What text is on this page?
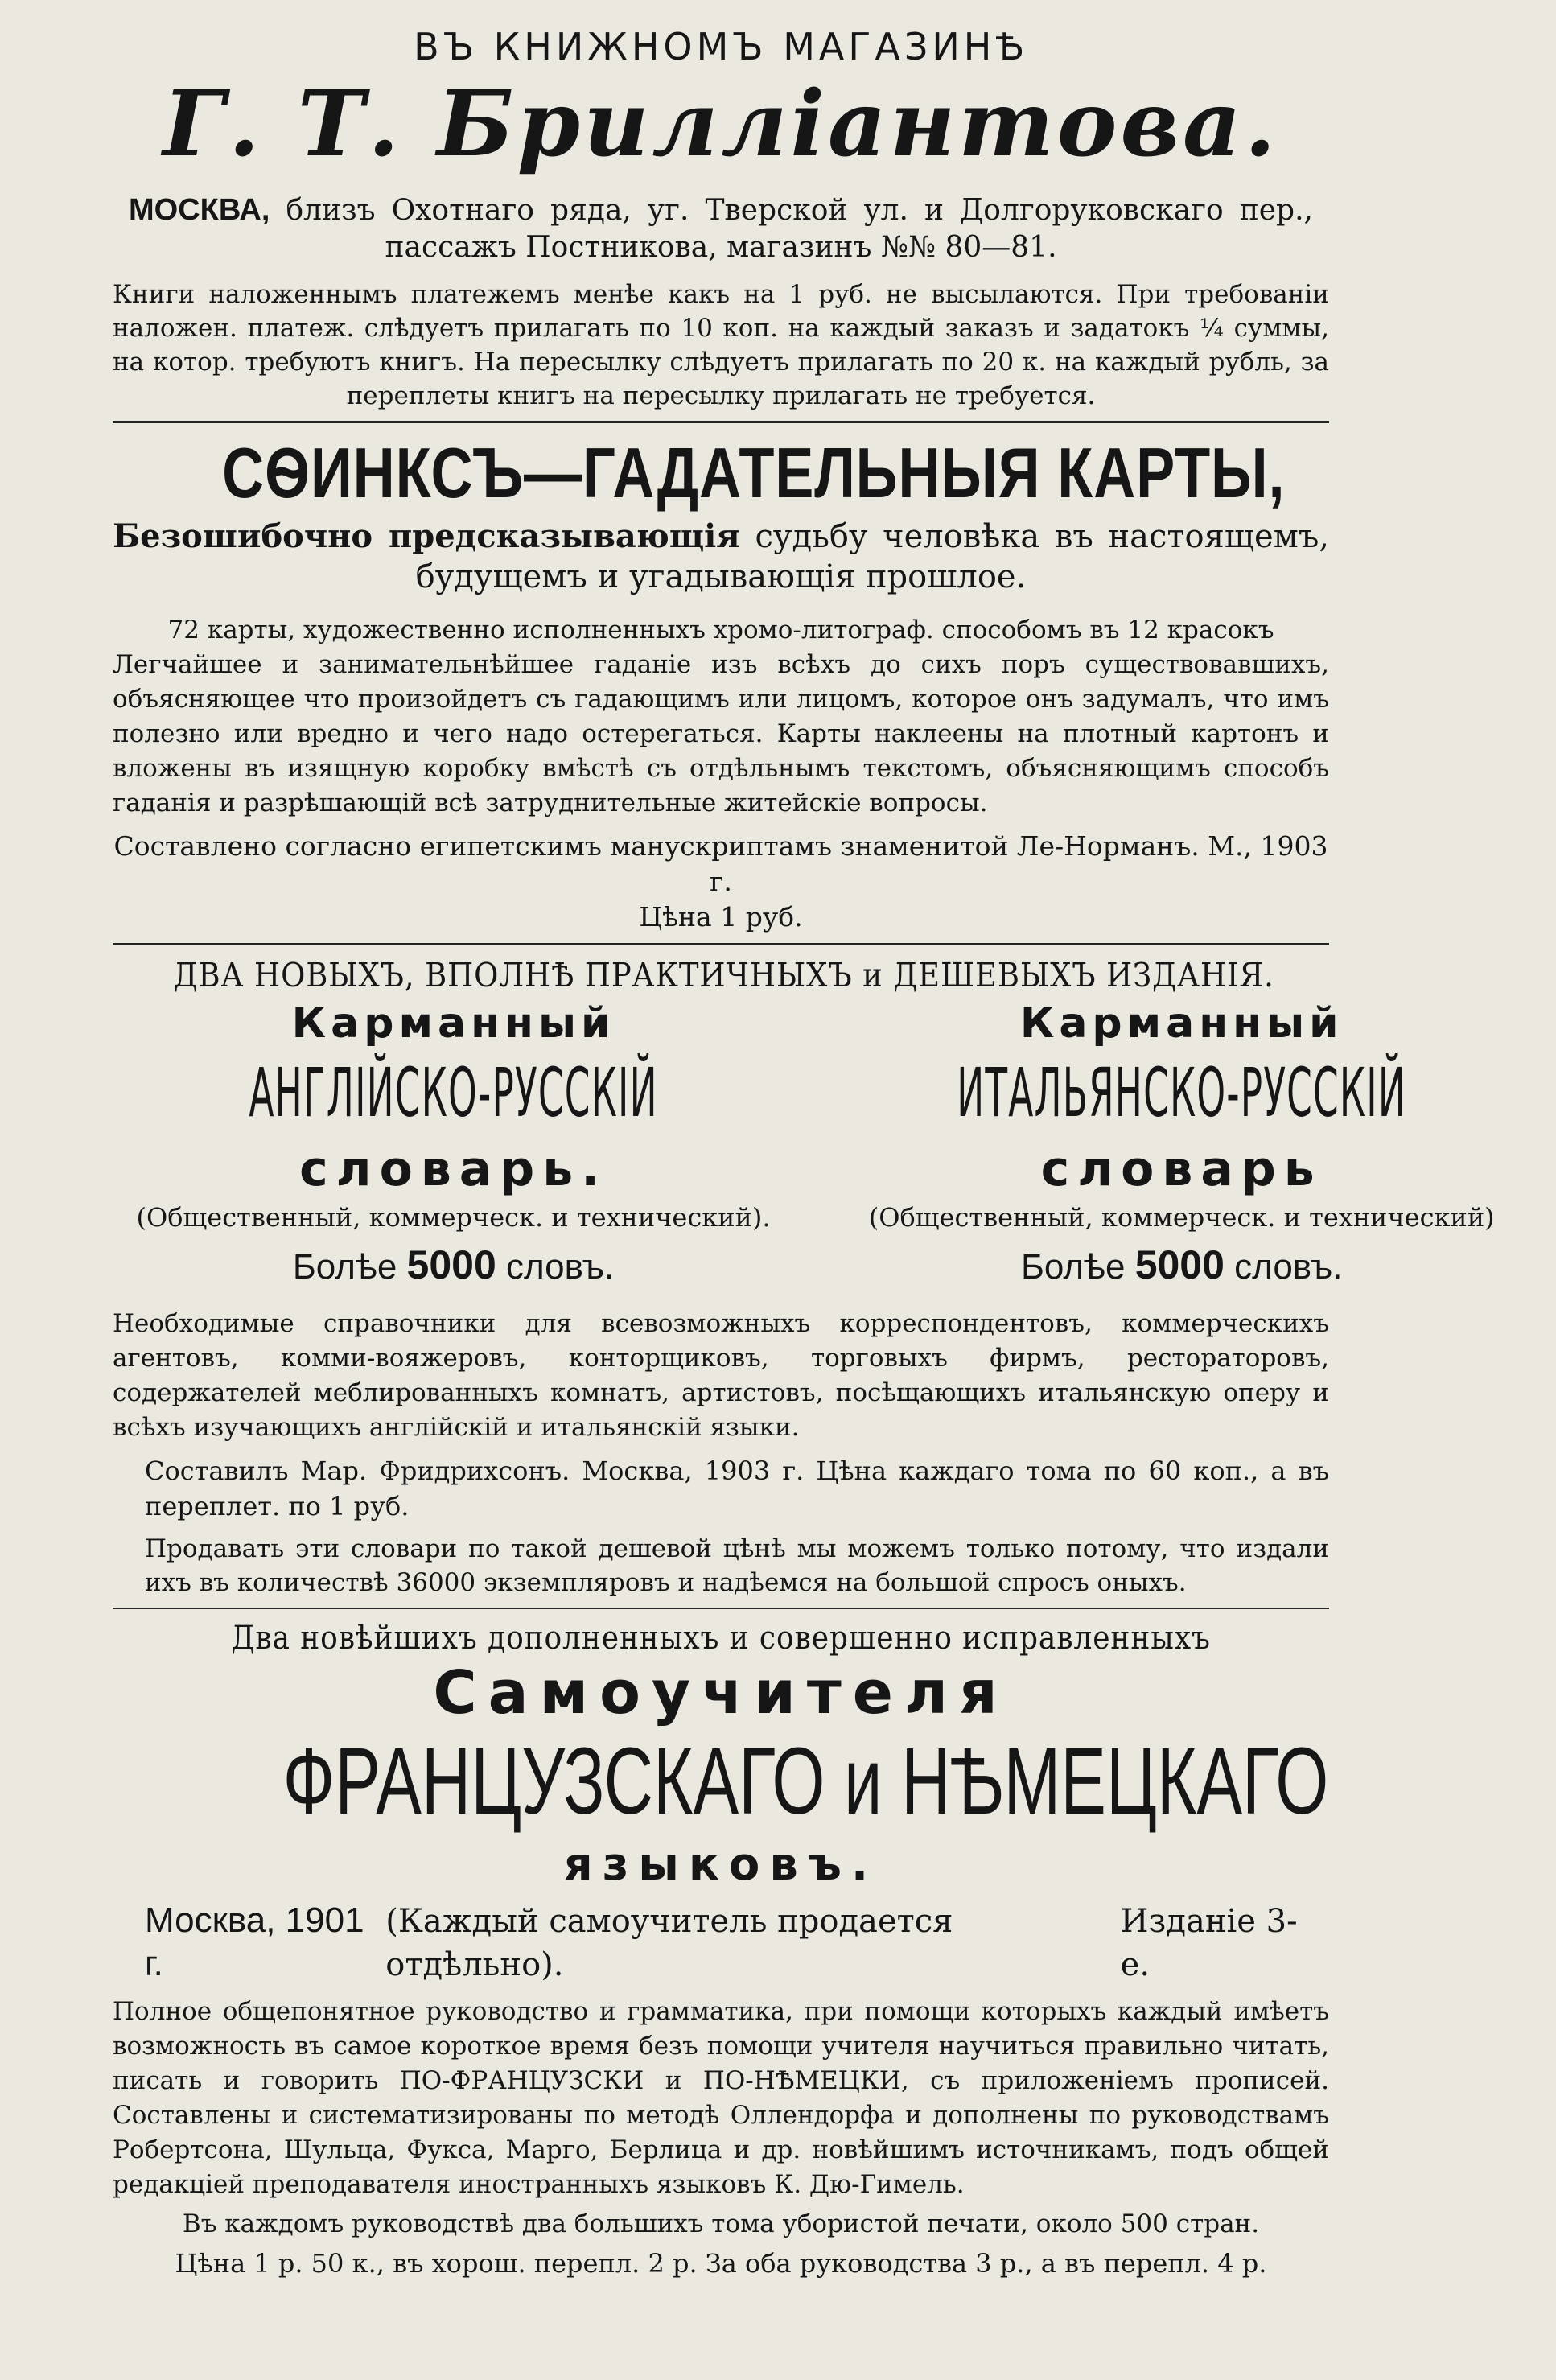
ВЪ КНИЖНОМЪ МАГАЗИНѢ

Г. Т. Бриллiантова.

МОСКВА, близъ Охотнаго ряда, уг. Тверской ул. и Долгоруковскаго пер., пассажъ Постникова, магазинъ №№ 80—81.

Книги наложеннымъ платежемъ менѣе какъ на 1 руб. не высылаются. При требованiи наложен. платеж. слѣдуетъ прилагать по 10 коп. на каждый заказъ и задатокъ ¼ суммы, на котор. требуютъ книгъ. На пересылку слѣдуетъ прилагать по 20 к. на каждый рубль, за переплеты книгъ на пересылку прилагать не требуется.

СѲИНКСЪ—ГАДАТЕЛЬНЫЯ КАРТЫ,

Безошибочно предсказывающiя судьбу человѣка въ настоящемъ, будущемъ и угадывающiя прошлое.

72 карты, художественно исполненныхъ хромо-литограф. способомъ въ 12 красокъ
Легчайшее и занимательнѣйшее гаданiе изъ всѣхъ до сихъ поръ существовавшихъ, объясняющее что произойдетъ съ гадающимъ или лицомъ, которое онъ задумалъ, что имъ полезно или вредно и чего надо остерегаться. Карты наклеены на плотный картонъ и вложены въ изящную коробку вмѣстѣ съ отдѣльнымъ текстомъ, объясняющимъ способъ гаданiя и разрѣшающiй всѣ затруднительные житейскiе вопросы.

Составлено согласно египетскимъ манускриптамъ знаменитой Ле-Норманъ. М., 1903 г.

Цѣна 1 руб.

ДВА НОВЫХЪ, ВПОЛНѢ ПРАКТИЧНЫХЪ и ДЕШЕВЫХЪ ИЗДАНIЯ.

Карманный

АНГЛIЙСКО-РУССКIЙ

словарь.

(Общественный, коммерческ. и технический).

Болѣе 5000 словъ.

Карманный

ИТАЛЬЯНСКО-РУССКIЙ

словарь

(Общественный, коммерческ. и технический)

Болѣе 5000 словъ.

Необходимые справочники для всевозможныхъ корреспондентовъ, коммерческихъ агентовъ, комми-вояжеровъ, конторщиковъ, торговыхъ фирмъ, рестораторовъ, содержателей меблированныхъ комнатъ, артистовъ, посѣщающихъ итальянскую оперу и всѣхъ изучающихъ англiйскiй и итальянскiй языки.

Составилъ Мар. Фридрихсонъ. Москва, 1903 г. Цѣна каждаго тома по 60 коп., а въ переплет. по 1 руб.

Продавать эти словари по такой дешевой цѣнѣ мы можемъ только потому, что издали ихъ въ количествѣ 36000 экземпляровъ и надѣемся на большой спросъ оныхъ.

Два новѣйшихъ дополненныхъ и совершенно исправленныхъ

Самоучителя

ФРАНЦУЗСКАГО и НѢМЕЦКАГО

языковъ.

Москва, 1901 г.
(Каждый самоучитель продается отдѣльно).
Изданiе 3-е.

Полное общепонятное руководство и грамматика, при помощи которыхъ каждый имѣетъ возможность въ самое короткое время безъ помощи учителя научиться правильно читать, писать и говорить ПО-ФРАНЦУЗСКИ и ПО-НѢМЕЦКИ, съ приложенiемъ прописей. Составлены и систематизированы по методѣ Оллендорфа и дополнены по руководствамъ Робертсона, Шульца, Фукса, Марго, Берлица и др. новѣйшимъ источникамъ, подъ общей редакцiей преподавателя иностранныхъ языковъ К. Дю-Гимель.

Въ каждомъ руководствѣ два большихъ тома убористой печати, около 500 стран.

Цѣна 1 р. 50 к., въ хорош. перепл. 2 р. За оба руководства 3 р., а въ перепл. 4 р.
